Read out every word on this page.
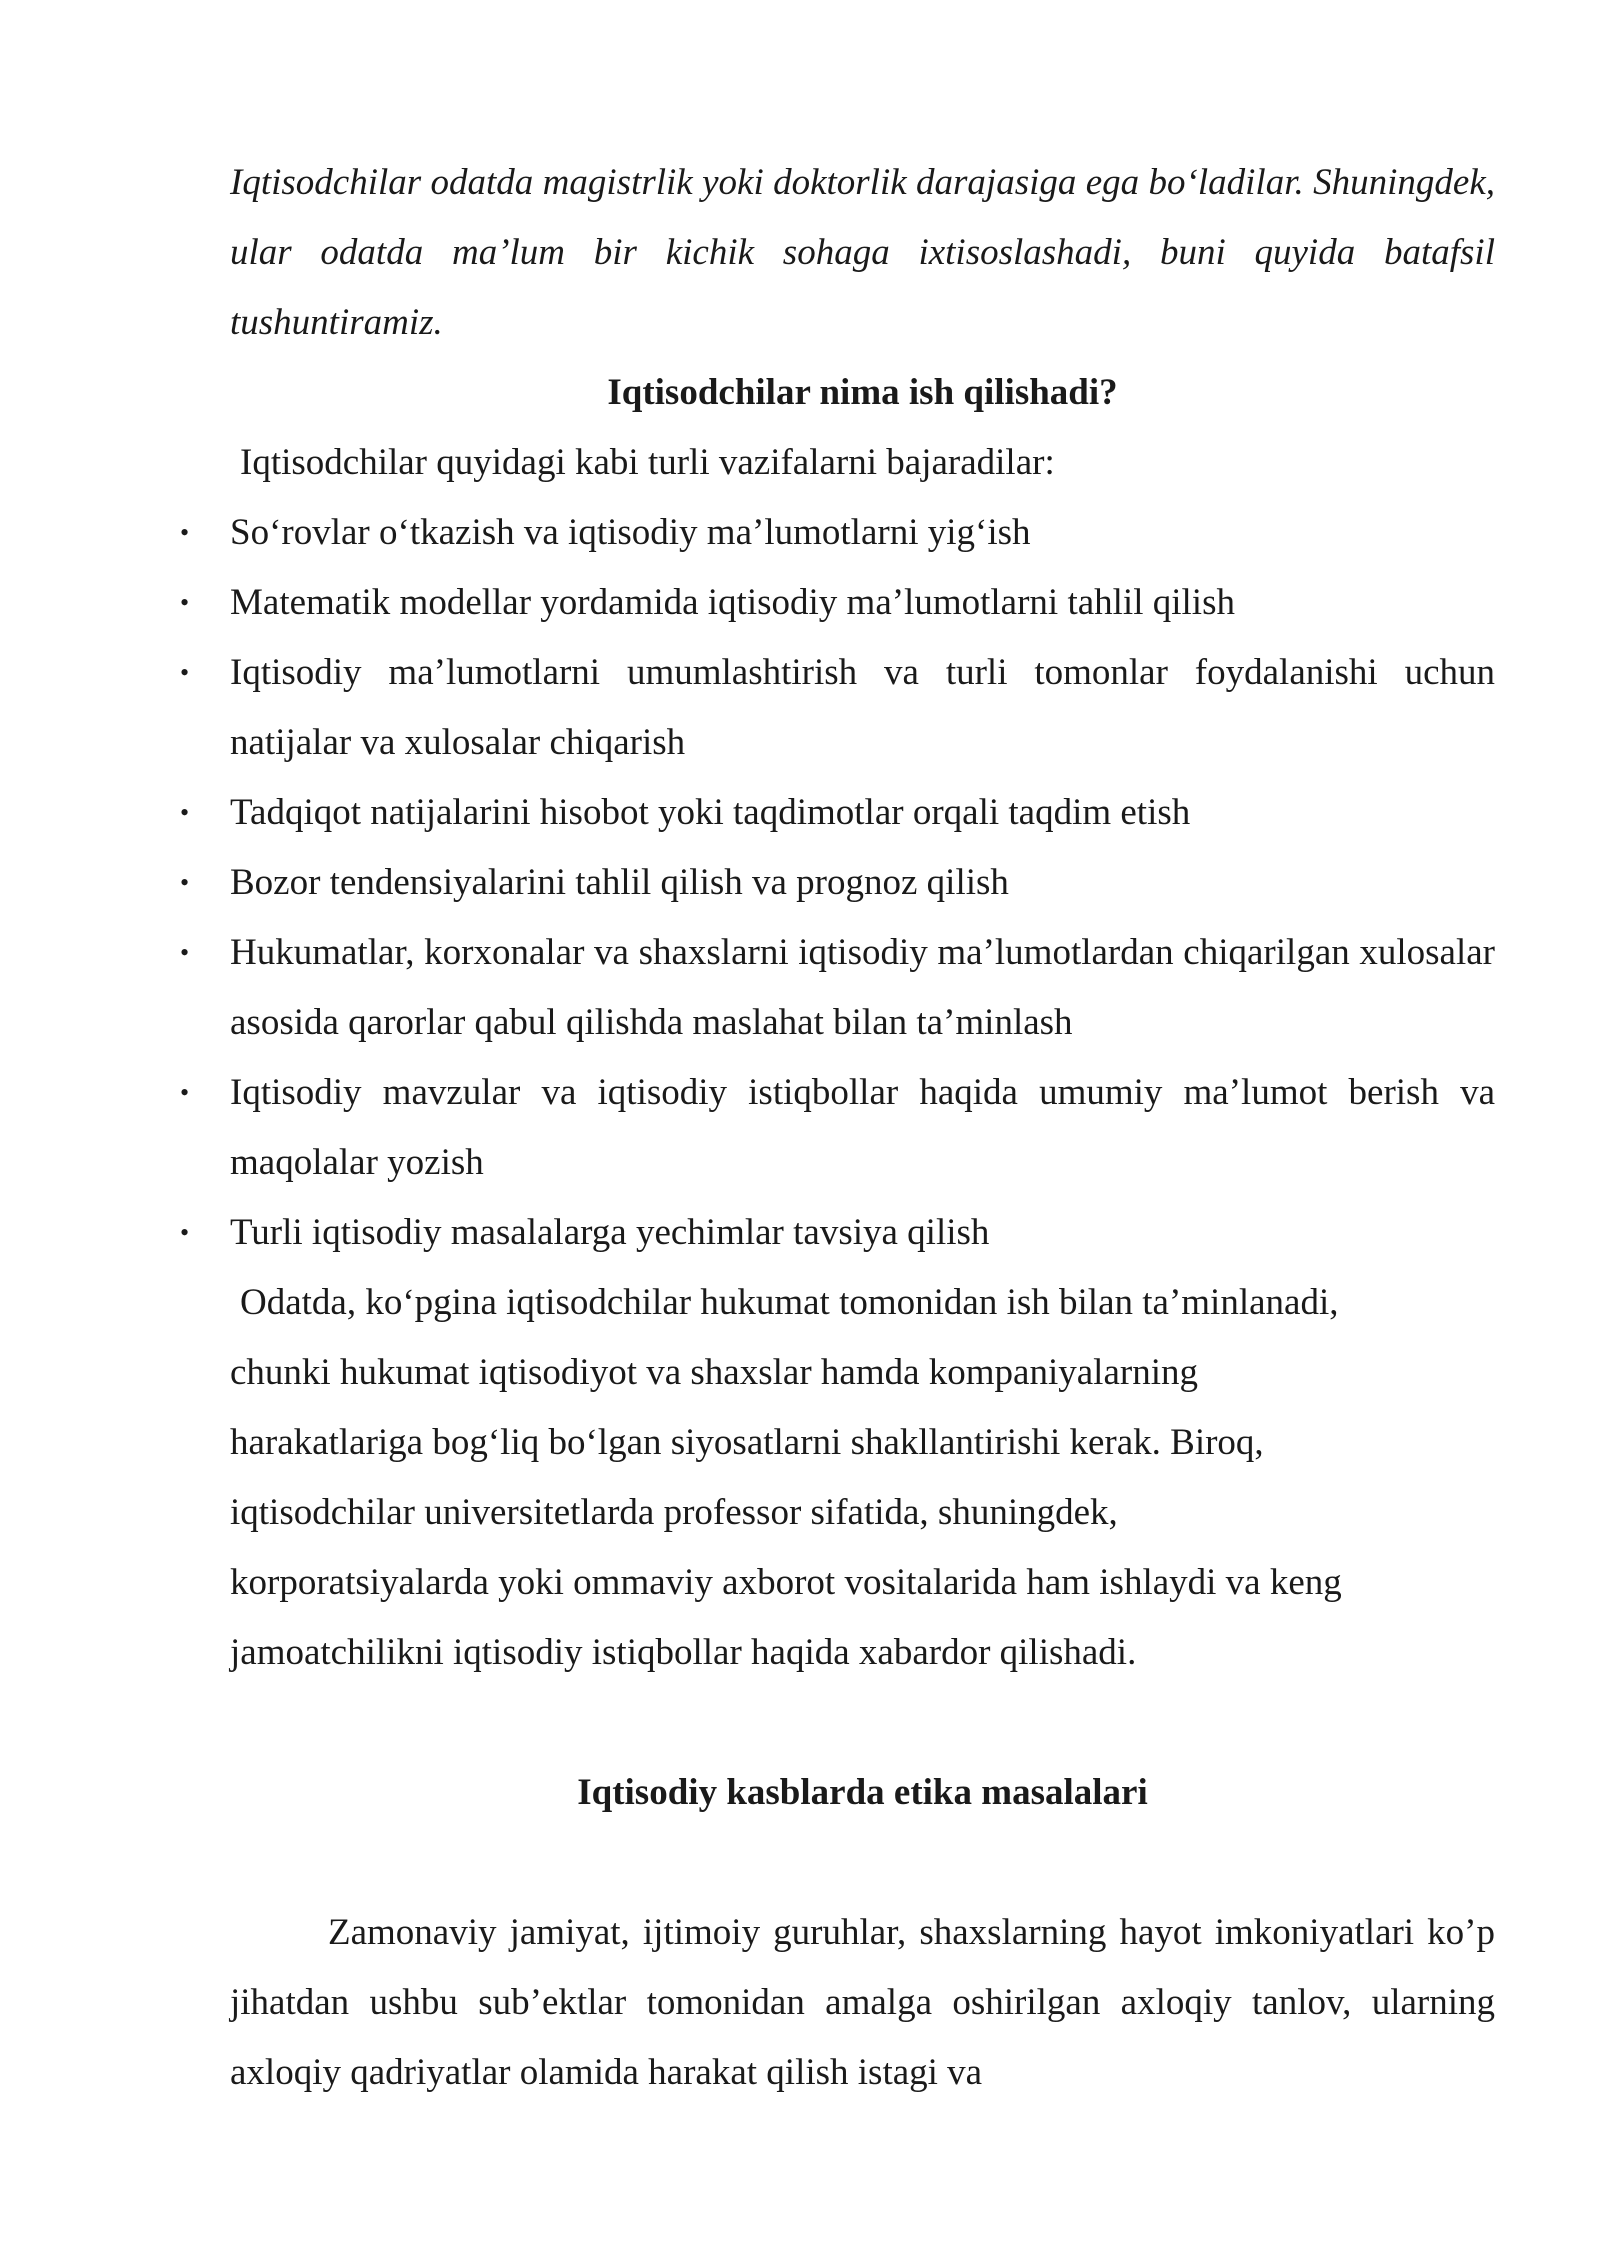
Iqtisodchilar odatda magistrlik yoki doktorlik darajasiga ega bo‘ladilar. Shuningdek, ular odatda ma’lum bir kichik sohaga ixtisoslashadi, buni quyida batafsil tushuntiramiz.

Iqtisodchilar nima ish qilishadi?

Iqtisodchilar quyidagi kabi turli vazifalarni bajaradilar:

• So‘rovlar o‘tkazish va iqtisodiy ma’lumotlarni yig‘ish
• Matematik modellar yordamida iqtisodiy ma’lumotlarni tahlil qilish
• Iqtisodiy ma’lumotlarni umumlashtirish va turli tomonlar foydalanishi uchun natijalar va xulosalar chiqarish
• Tadqiqot natijalarini hisobot yoki taqdimotlar orqali taqdim etish
• Bozor tendensiyalarini tahlil qilish va prognoz qilish
• Hukumatlar, korxonalar va shaxslarni iqtisodiy ma’lumotlardan chiqarilgan xulosalar asosida qarorlar qabul qilishda maslahat bilan ta’minlash
• Iqtisodiy mavzular va iqtisodiy istiqbollar haqida umumiy ma’lumot berish va maqolalar yozish
• Turli iqtisodiy masalalarga yechimlar tavsiya qilish

Odatda, ko‘pgina iqtisodchilar hukumat tomonidan ish bilan ta’minlanadi,
chunki hukumat iqtisodiyot va shaxslar hamda kompaniyalarning
harakatlariga bog‘liq bo‘lgan siyosatlarni shakllantirishi kerak. Biroq,
iqtisodchilar universitetlarda professor sifatida, shuningdek,
korporatsiyalarda yoki ommaviy axborot vositalarida ham ishlaydi va keng
jamoatchilikni iqtisodiy istiqbollar haqida xabardor qilishadi.

Iqtisodiy kasblarda etika masalalari

Zamonaviy jamiyat, ijtimoiy guruhlar, shaxslarning hayot imkoniyatlari ko’p jihatdan ushbu sub’ektlar tomonidan amalga oshirilgan axloqiy tanlov, ularning axloqiy qadriyatlar olamida harakat qilish istagi va
